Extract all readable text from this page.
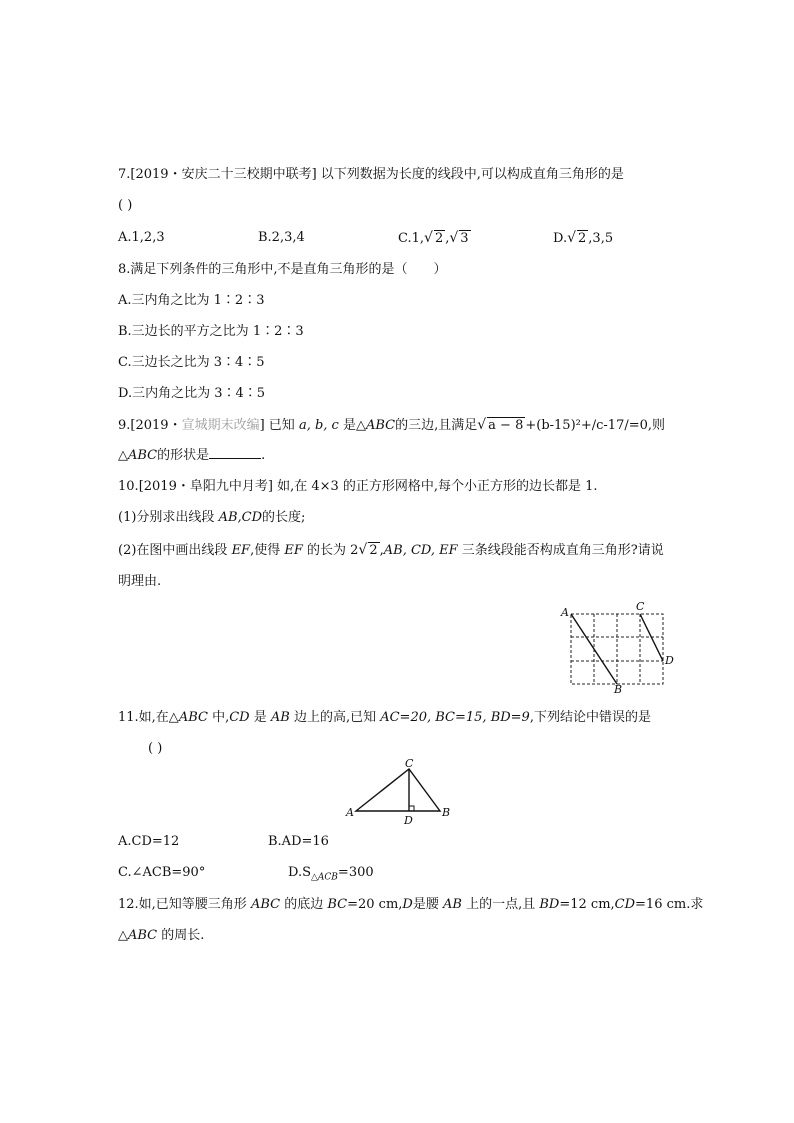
7.[2019・安庆二十三校期中联考] 以下列数据为长度的线段中,可以构成直角三角形的是
( )
A.1,2,3	B.2,3,4	C.1,√ 2 ,√ 3	D.√ 2 ,3,5
8.满足下列条件的三角形中,不是直角三角形的是（　　）
A.三内角之比为 1∶2∶3
B.三边长的平方之比为 1∶2∶3
C.三边长之比为 3∶4∶5
D.三内角之比为 3∶4∶5
9.[2019・宣城期末改编] 已知 a, b, c 是△ABC的三边,且满足√ a − 8 +(b-15)²+/c-17/=0,则
△ABC的形状是	.
10.[2019・阜阳九中月考] 如,在 4×3 的正方形网格中,每个小正方形的边长都是 1.
(1)分别求出线段 AB,CD的长度;
(2)在图中画出线段 EF,使得 EF 的长为 2√ 2 ,AB, CD, EF 三条线段能否构成直角三角形?请说
明理由.
A
B
C
D
11.如,在△ABC 中,CD 是 AB 边上的高,已知 AC=20, BC=15, BD=9,下列结论中错误的是
( )
A
C
B
D
A.CD=12	B.AD=16
C.∠ACB=90°	$D.S_{\triangle ACB}=300$
12.如,已知等腰三角形 ABC 的底边 BC=20 cm,D是腰 AB 上的一点,且 BD=12 cm,CD=16 cm.求
△ABC 的周长.
